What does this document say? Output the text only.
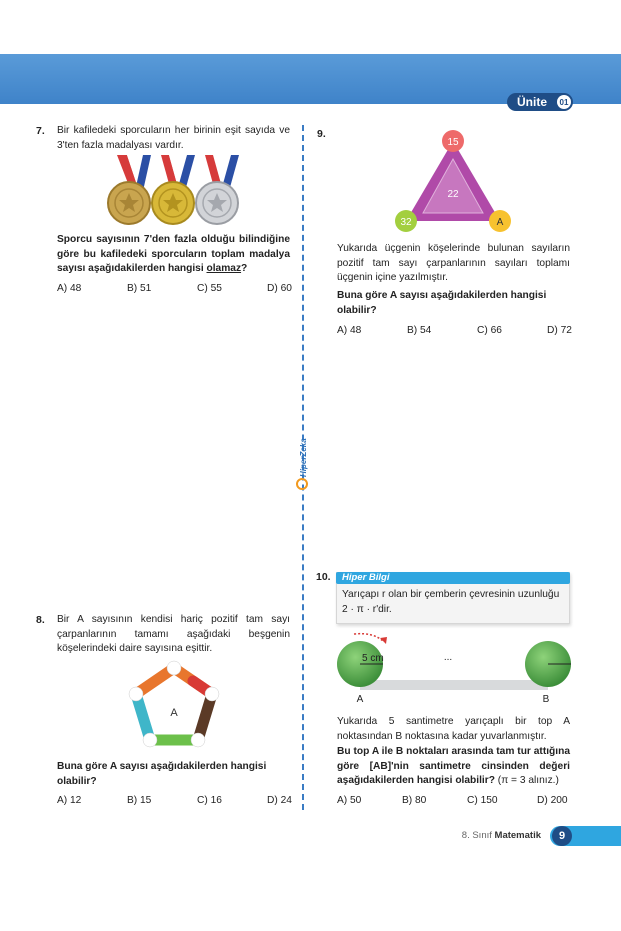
Ünite	01
HiperZeka
7. Bir kafiledeki sporcuların her birinin eşit sayıda ve 3'ten fazla madalyası vardır.
Sporcu sayısının 7'den fazla olduğu bilindiğine göre bu kafiledeki sporcuların toplam madalya sayısı aşağıdakilerden hangisi olamaz?
A) 48	B) 51	C) 55	D) 60
9.
15
22
32	A
Yukarıda üçgenin köşelerinde bulunan sayıların pozitif tam sayı çarpanlarının sayıları toplamı üçgenin içine yazılmıştır.
Buna göre A sayısı aşağıdakilerden hangisi olabilir?
A) 48	B) 54	C) 66	D) 72
8. Bir A sayısının kendisi hariç pozitif tam sayı çarpanlarının tamamı aşağıdaki beşgenin köşelerindeki daire sayısına eşittir.
A
Buna göre A sayısı aşağıdakilerden hangisi olabilir?
A) 12	B) 15	C) 16	D) 24
10. Hiper Bilgi
Yarıçapı r olan bir çemberin çevresinin uzunluğu
2 · π · r'dir.
5 cm	...
A	B
Yukarıda 5 santimetre yarıçaplı bir top A noktasından B noktasına kadar yuvarlanmıştır.
Bu top A ile B noktaları arasında tam tur attığına göre [AB]'nin santimetre cinsinden değeri aşağıdakilerden hangisi olabilir? (π = 3 alınız.)
A) 50	B) 80	C) 150	D) 200
8. Sınıf Matematik	9
